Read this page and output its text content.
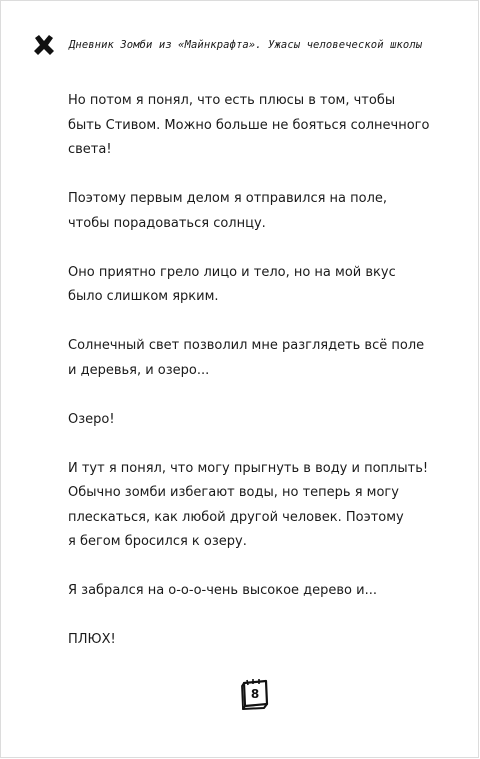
Дневник Зомби из «Майнкрафта». Ужасы человеческой школы

Но потом я понял, что есть плюсы в том, чтобы
быть Стивом. Можно больше не бояться солнечного
света!

Поэтому первым делом я отправился на поле,
чтобы порадоваться солнцу.

Оно приятно грело лицо и тело, но на мой вкус
было слишком ярким.

Солнечный свет позволил мне разглядеть всё поле
и деревья, и озеро...

Озеро!

И тут я понял, что могу прыгнуть в воду и поплыть!
Обычно зомби избегают воды, но теперь я могу
плескаться, как любой другой человек. Поэтому
я бегом бросился к озеру.

Я забрался на о-о-о-чень высокое дерево и...

ПЛЮХ!

8
